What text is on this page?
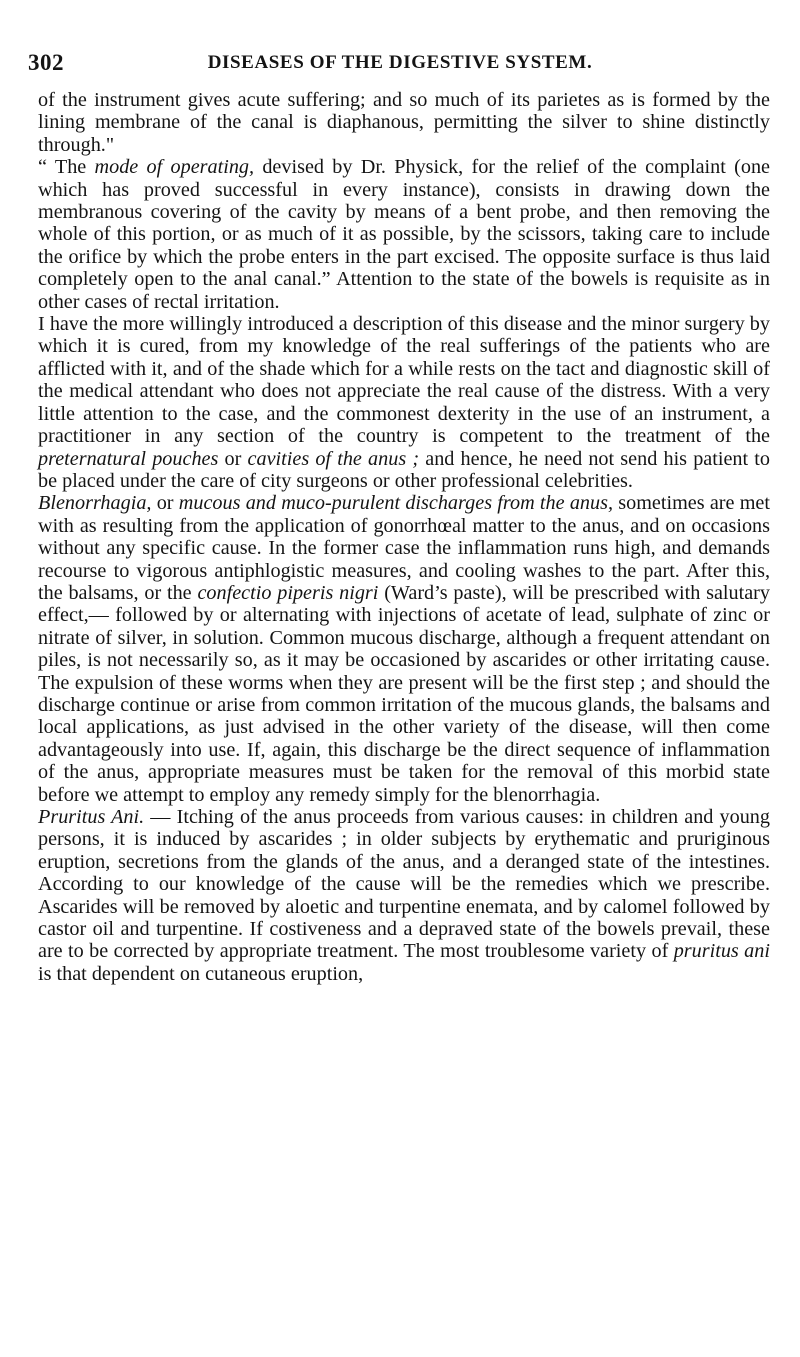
302	DISEASES OF THE DIGESTIVE SYSTEM.

of the instrument gives acute suffering; and so much of its parietes as is formed by the lining membrane of the canal is diaphanous, permitting the silver to shine distinctly through."

“ The mode of operating, devised by Dr. Physick, for the relief of the complaint (one which has proved successful in every instance), consists in drawing down the membranous covering of the cavity by means of a bent probe, and then removing the whole of this portion, or as much of it as possible, by the scissors, taking care to include the orifice by which the probe enters in the part excised. The opposite surface is thus laid completely open to the anal canal.” Attention to the state of the bowels is requisite as in other cases of rectal irritation.

I have the more willingly introduced a description of this disease and the minor surgery by which it is cured, from my knowledge of the real sufferings of the patients who are afflicted with it, and of the shade which for a while rests on the tact and diagnostic skill of the medical attendant who does not appreciate the real cause of the distress. With a very little attention to the case, and the commonest dexterity in the use of an instrument, a practitioner in any section of the country is competent to the treatment of the preternatural pouches or cavities of the anus ; and hence, he need not send his patient to be placed under the care of city surgeons or other professional celebrities.

Blenorrhagia, or mucous and muco-purulent discharges from the anus, sometimes are met with as resulting from the application of gonorrhœal matter to the anus, and on occasions without any specific cause. In the former case the inflammation runs high, and demands recourse to vigorous antiphlogistic measures, and cooling washes to the part. After this, the balsams, or the confectio piperis nigri (Ward’s paste), will be prescribed with salutary effect,— followed by or alternating with injections of acetate of lead, sulphate of zinc or nitrate of silver, in solution. Common mucous discharge, although a frequent attendant on piles, is not necessarily so, as it may be occasioned by ascarides or other irritating cause. The expulsion of these worms when they are present will be the first step ; and should the discharge continue or arise from common irritation of the mucous glands, the balsams and local applications, as just advised in the other variety of the disease, will then come advantageously into use. If, again, this discharge be the direct sequence of inflammation of the anus, appropriate measures must be taken for the removal of this morbid state before we attempt to employ any remedy simply for the blenorrhagia.

Pruritus Ani. — Itching of the anus proceeds from various causes: in children and young persons, it is induced by ascarides ; in older subjects by erythematic and pruriginous eruption, secretions from the glands of the anus, and a deranged state of the intestines. According to our knowledge of the cause will be the remedies which we prescribe. Ascarides will be removed by aloetic and turpentine enemata, and by calomel followed by castor oil and turpentine. If costiveness and a depraved state of the bowels prevail, these are to be corrected by appropriate treatment. The most troublesome variety of pruritus ani is that dependent on cutaneous eruption,
